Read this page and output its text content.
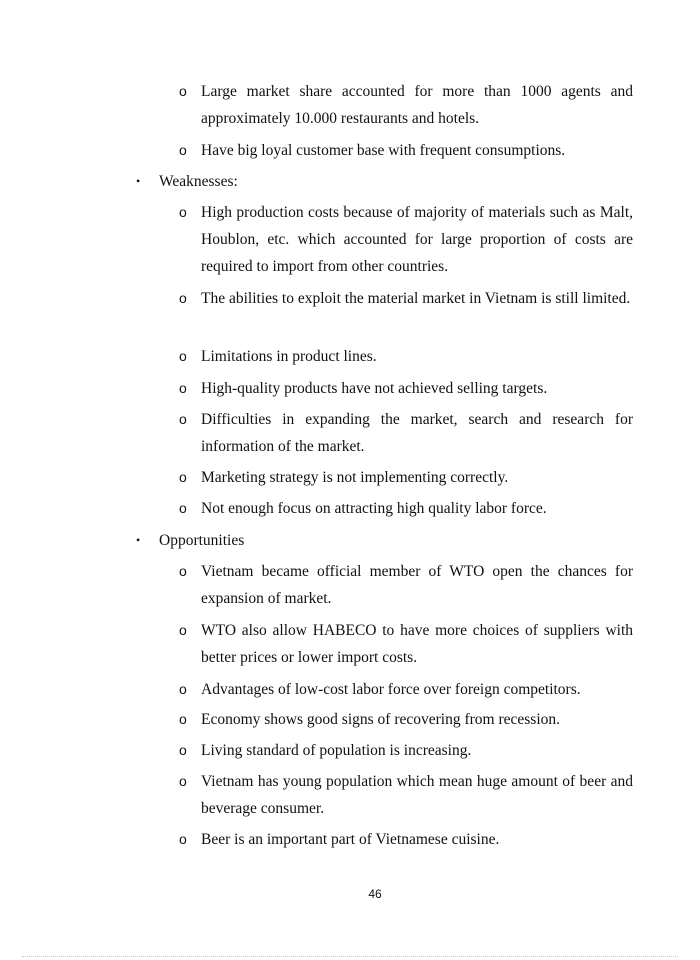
o Large market share accounted for more than 1000 agents and approximately 10.000 restaurants and hotels.
o Have big loyal customer base with frequent consumptions.
• Weaknesses:
o High production costs because of majority of materials such as Malt, Houblon, etc. which accounted for large proportion of costs are required to import from other countries.
o The abilities to exploit the material market in Vietnam is still limited.
o Limitations in product lines.
o High-quality products have not achieved selling targets.
o Difficulties in expanding the market, search and research for information of the market.
o Marketing strategy is not implementing correctly.
o Not enough focus on attracting high quality labor force.
• Opportunities
o Vietnam became official member of WTO open the chances for expansion of market.
o WTO also allow HABECO to have more choices of suppliers with better prices or lower import costs.
o Advantages of low-cost labor force over foreign competitors.
o Economy shows good signs of recovering from recession.
o Living standard of population is increasing.
o Vietnam has young population which mean huge amount of beer and beverage consumer.
o Beer is an important part of Vietnamese cuisine.
46
